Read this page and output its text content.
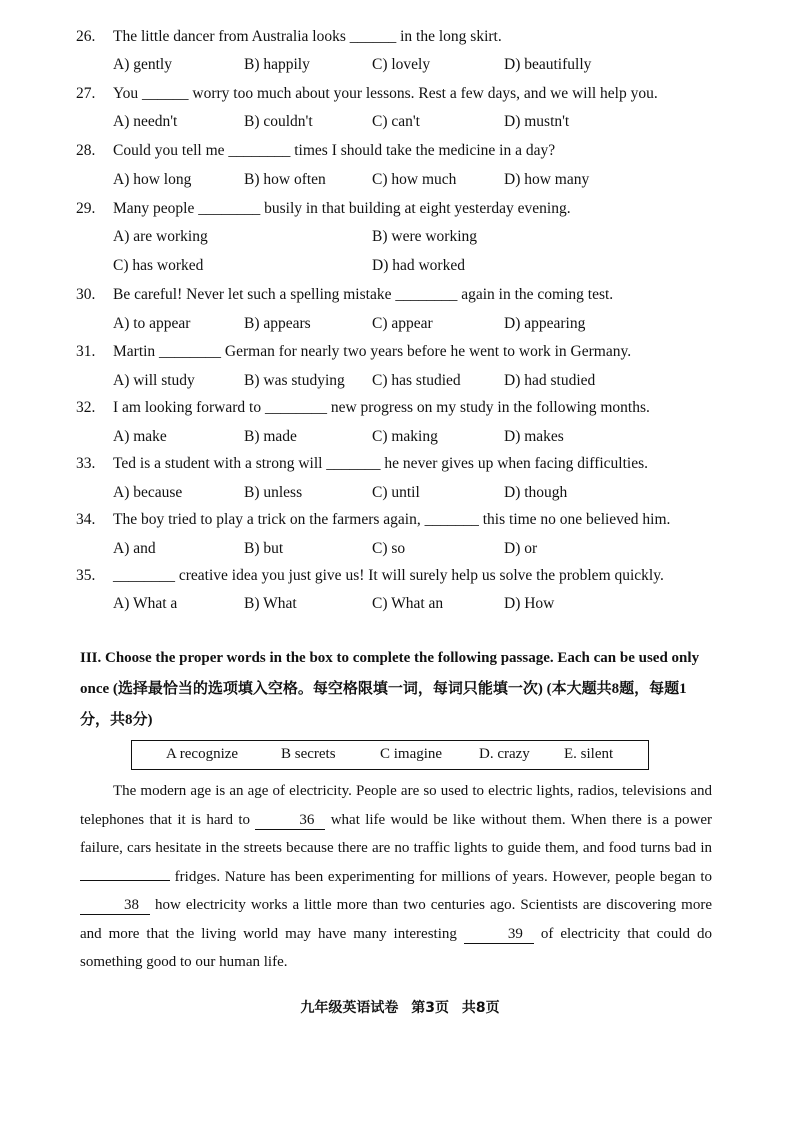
26. The little dancer from Australia looks ______ in the long skirt.
A) gently	B) happily	C) lovely	D) beautifully
27. You ______ worry too much about your lessons. Rest a few days, and we will help you.
A) needn't	B) couldn't	C) can't	D) mustn't
28. Could you tell me ________ times I should take the medicine in a day?
A) how long	B) how often	C) how much	D) how many
29. Many people ________ busily in that building at eight yesterday evening.
A) are working	B) were working
C) has worked	D) had worked
30. Be careful! Never let such a spelling mistake ________ again in the coming test.
A) to appear	B) appears	C) appear	D) appearing
31. Martin ________ German for nearly two years before he went to work in Germany.
A) will study	B) was studying C) has studied	D) had studied
32. I am looking forward to ________ new progress on my study in the following months.
A) make	B) made	C) making	D) makes
33. Ted is a student with a strong will _______ he never gives up when facing difficulties.
A) because	B) unless	C) until	D) though
34. The boy tried to play a trick on the farmers again, _______ this time no one believed him.
A) and	B) but	C) so	D) or
35. ________ creative idea you just give us! It will surely help us solve the problem quickly.
A) What a	B) What	C) What an	D) How
III. Choose the proper words in the box to complete the following passage. Each can be used only once (选择最恰当的选项填入空格。每空格限填一词，每词只能填一次) (本大题共8题，每题1分，共8分)
A recognize	B secrets	C imagine D. crazy E. silent

The modern age is an age of electricity. People are so used to electric lights, radios, televisions and telephones that it is hard to	36 what life would be like without them. When there is a power failure, cars hesitate in the streets because there are no traffic lights to guide them, and food turns bad in  fridges. Nature has been experimenting for millions of years. However, people began to 38 how electricity works a little more than two centuries ago. Scientists are discovering more and more that the living world may have many interesting	39 of electricity that could do something good to our human life.

九年级英语试卷 第3页 共8页
